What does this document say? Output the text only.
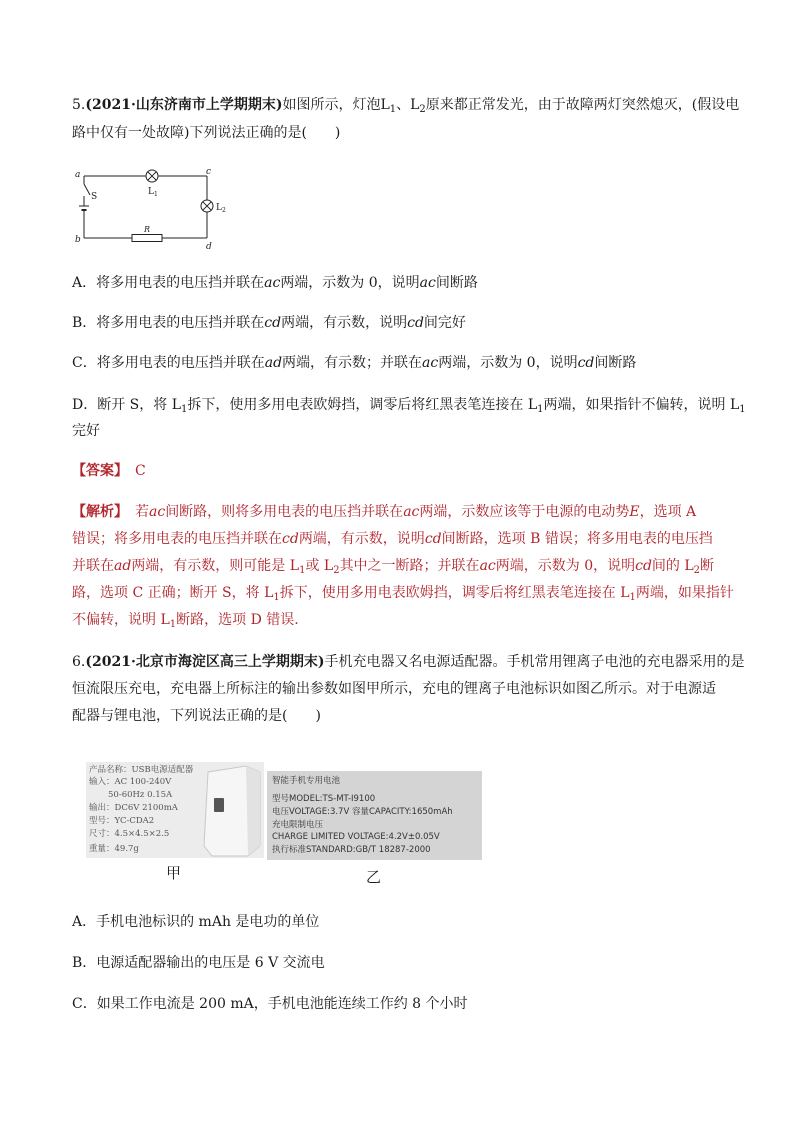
5.(2021·山东济南市上学期期末)如图所示，灯泡$L_1$、$L_2$原来都正常发光，由于故障两灯突然熄灭，(假设电
路中仅有一处故障)下列说法正确的是(　　)
a
b
c
d
S	L 1
L 2
R
A．将多用电表的电压挡并联在ac两端，示数为 0，说明ac间断路
B．将多用电表的电压挡并联在cd两端，有示数，说明cd间完好
C．将多用电表的电压挡并联在ad两端，有示数；并联在ac两端，示数为 0，说明cd间断路
D．断开 S，将 $L_1$拆下，使用多用电表欧姆挡，调零后将红黑表笔连接在 $L_1$两端，如果指针不偏转，说明 $L_1$
完好
【答案】　 C
【解析】　 若ac间断路，则将多用电表的电压挡并联在ac两端，示数应该等于电源的电动势E，选项 A
错误；将多用电表的电压挡并联在cd两端，有示数，说明cd间断路，选项 B 错误；将多用电表的电压挡
并联在ad两端，有示数，则可能是 $L_1$或 $L_2$其中之一断路；并联在ac两端，示数为 0，说明cd间的 $L_2$断
路，选项 C 正确；断开 S，将 $L_1$拆下，使用多用电表欧姆挡，调零后将红黑表笔连接在 $L_1$两端，如果指针
不偏转，说明 $L_1$断路，选项 D 错误.
6.(2021·北京市海淀区高三上学期期末)手机充电器又名电源适配器。手机常用锂离子电池的充电器采用的是
恒流限压充电，充电器上所标注的输出参数如图甲所示，充电的锂离子电池标识如图乙所示。对于电源适
配器与锂电池，下列说法正确的是(　　)
产品名称：USB电源适配器
输入：AC 100-240V
50-60Hz 0.15A
输出：DC6V 2100mA
型号：YC-CDA2
尺寸：4.5×4.5×2.5
重量：49.7g
甲
智能手机专用电池
型号MODEL:TS-MT-I9100
电压VOLTAGE:3.7V 容量CAPACITY:1650mAh
充电限制电压
CHARGE LIMITED VOLTAGE:4.2V±0.05V
执行标准STANDARD:GB/T 18287-2000
乙
A．手机电池标识的 mAh 是电功的单位
B．电源适配器输出的电压是 6 V 交流电
C．如果工作电流是 200 mA，手机电池能连续工作约 8 个小时
